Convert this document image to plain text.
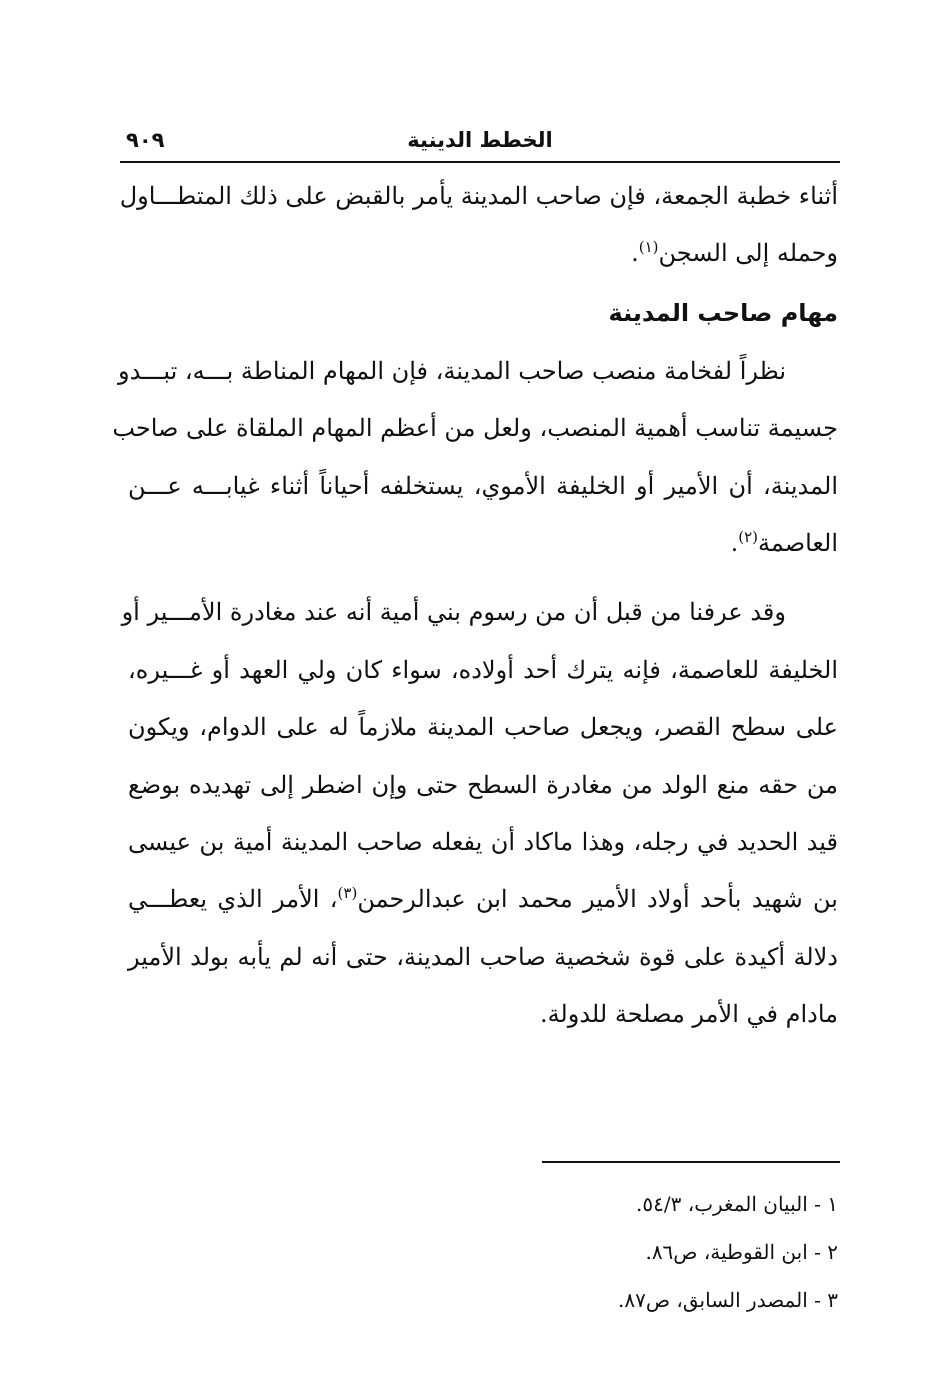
الخطط الدينية
٩٠٩
أثناء خطبة الجمعة، فإن صاحب المدينة يأمر بالقبض على ذلك المتطـــاول
وحمله إلى السجن$^{(١)}$.
مهام صاحب المدينة
نظراً لفخامة منصب صاحب المدينة، فإن المهام المناطة بـــه، تبـــدو
جسيمة تناسب أهمية المنصب، ولعل من أعظم المهام الملقاة على صاحب
المدينة، أن الأمير أو الخليفة الأموي، يستخلفه أحياناً أثناء غيابـــه عـــن
العاصمة$^{(٢)}$.
وقد عرفنا من قبل أن من رسوم بني أمية أنه عند مغادرة الأمـــير أو
الخليفة للعاصمة، فإنه يترك أحد أولاده، سواء كان ولي العهد أو غـــيره،
على سطح القصر، ويجعل صاحب المدينة ملازماً له على الدوام، ويكون
من حقه منع الولد من مغادرة السطح حتى وإن اضطر إلى تهديده بوضع
قيد الحديد في رجله، وهذا ماكاد أن يفعله صاحب المدينة أمية بن عيسى
بن شهيد بأحد أولاد الأمير محمد ابن عبدالرحمن$^{(٣)}$، الأمر الذي يعطـــي
دلالة أكيدة على قوة شخصية صاحب المدينة، حتى أنه لم يأبه بولد الأمير
مادام في الأمر مصلحة للدولة.
١ - البيان المغرب، ٥٤/٣.
٢ - ابن القوطية، ص٨٦.
٣ - المصدر السابق، ص٨٧.
